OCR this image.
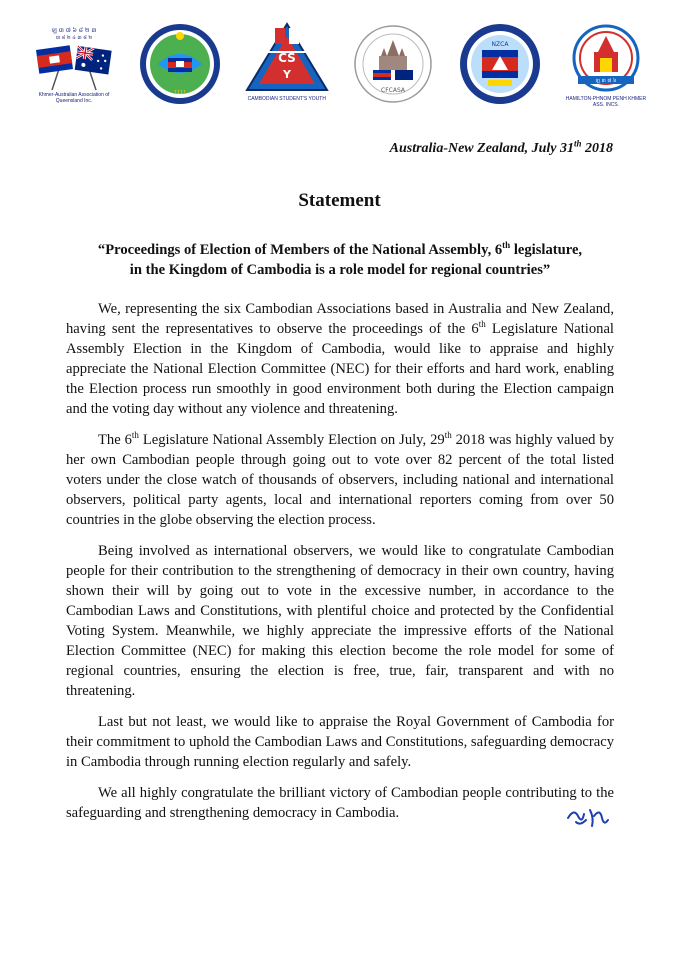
ឡ ៣ ៧ ៦ ៨ ២ ៣
៣ ៨ ២ ៤ ៣ ៨ ២
Khmer-Australian Association of Queensland Inc.
1111
CS
Y
CAMBODIAN STUDENT'S YOUTH
CFCASA
NZCA
ឡ ៣ ៧ ៦
HAMILTON-PHNOM PENH KHMER ASS. INCS.
Australia-New Zealand, July 31th 2018
Statement
“Proceedings of Election of Members of the National Assembly, 6th legislature,
in the Kingdom of Cambodia is a role model for regional countries”

We, representing the six Cambodian Associations based in Australia and New Zealand, having sent the representatives to observe the proceedings of the 6th Legislature National Assembly Election in the Kingdom of Cambodia, would like to appraise and highly appreciate the National Election Committee (NEC) for their efforts and hard work, enabling the Election process run smoothly in good environment both during the Election campaign and the voting day without any violence and threatening.

The 6th Legislature National Assembly Election on July, 29th 2018 was highly valued by her own Cambodian people through going out to vote over 82 percent of the total listed voters under the close watch of thousands of observers, including national and international observers, political party agents, local and international reporters coming from over 50 countries in the globe observing the election process.

Being involved as international observers, we would like to congratulate Cambodian people for their contribution to the strengthening of democracy in their own country, having shown their will by going out to vote in the excessive number, in accordance to the Cambodian Laws and Constitutions, with plentiful choice and protected by the Confidential Voting System. Meanwhile, we highly appreciate the impressive efforts of the National Election Committee (NEC) for making this election become the role model for some of regional countries, ensuring the election is free, true, fair, transparent and with no threatening.

Last but not least, we would like to appraise the Royal Government of Cambodia for their commitment to uphold the Cambodian Laws and Constitutions, safeguarding democracy in Cambodia through running election regularly and safely.

We all highly congratulate the brilliant victory of Cambodian people contributing to the safeguarding and strengthening democracy in Cambodia.
